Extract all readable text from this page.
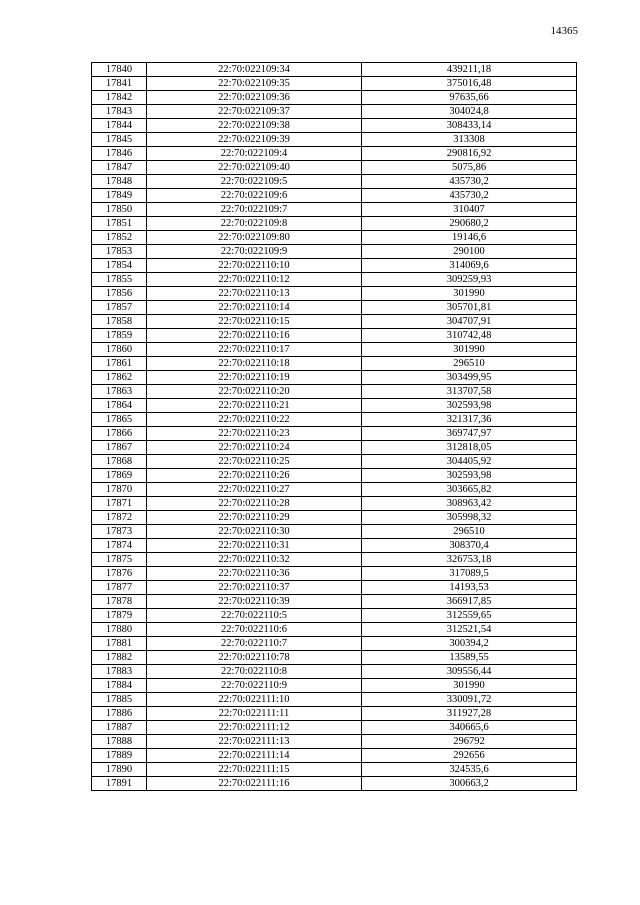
14365
17840	22:70:022109:34	439211,18
17841	22:70:022109:35	375016,48
17842	22:70:022109:36	97635,66
17843	22:70:022109:37	304024,8
17844	22:70:022109:38	308433,14
17845	22:70:022109:39	313308
17846	22:70:022109:4	290816,92
17847	22:70:022109:40	5075,86
17848	22:70:022109:5	435730,2
17849	22:70:022109:6	435730,2
17850	22:70:022109:7	310407
17851	22:70:022109:8	290680,2
17852	22:70:022109:80	19146,6
17853	22:70:022109:9	290100
17854	22:70:022110:10	314069,6
17855	22:70:022110:12	309259,93
17856	22:70:022110:13	301990
17857	22:70:022110:14	305701,81
17858	22:70:022110:15	304707,91
17859	22:70:022110:16	310742,48
17860	22:70:022110:17	301990
17861	22:70:022110:18	296510
17862	22:70:022110:19	303499,95
17863	22:70:022110:20	313707,58
17864	22:70:022110:21	302593,98
17865	22:70:022110:22	321317,36
17866	22:70:022110:23	369747,97
17867	22:70:022110:24	312818,05
17868	22:70:022110:25	304405,92
17869	22:70:022110:26	302593,98
17870	22:70:022110:27	303665,82
17871	22:70:022110:28	308963,42
17872	22:70:022110:29	305998,32
17873	22:70:022110:30	296510
17874	22:70:022110:31	308370,4
17875	22:70:022110:32	326753,18
17876	22:70:022110:36	317089,5
17877	22:70:022110:37	14193,53
17878	22:70:022110:39	366917,85
17879	22:70:022110:5	312559,65
17880	22:70:022110:6	312521,54
17881	22:70:022110:7	300394,2
17882	22:70:022110:78	13589,55
17883	22:70:022110:8	309556,44
17884	22:70:022110:9	301990
17885	22:70:022111:10	330091,72
17886	22:70:022111:11	311927,28
17887	22:70:022111:12	340665,6
17888	22:70:022111:13	296792
17889	22:70:022111:14	292656
17890	22:70:022111:15	324535,6
17891	22:70:022111:16	300663,2
